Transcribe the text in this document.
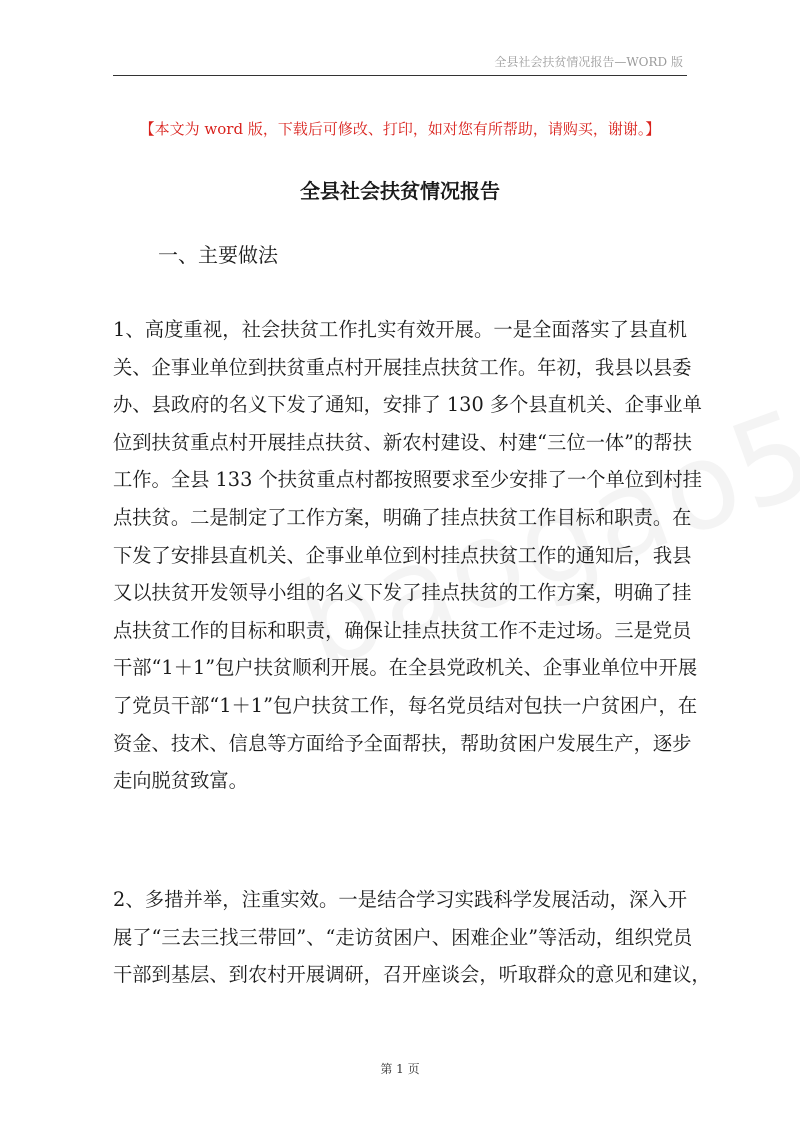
全县社会扶贫情况报告—WORD 版
【本文为 word 版，下载后可修改、打印，如对您有所帮助，请购买，谢谢。】
全县社会扶贫情况报告
一、主要做法
1、高度重视，社会扶贫工作扎实有效开展。一是全面落实了县直机
关、企事业单位到扶贫重点村开展挂点扶贫工作。年初，我县以县委
办、县政府的名义下发了通知，安排了 130 多个县直机关、企事业单
位到扶贫重点村开展挂点扶贫、新农村建设、村建“三位一体”的帮扶
工作。全县 133 个扶贫重点村都按照要求至少安排了一个单位到村挂
点扶贫。二是制定了工作方案，明确了挂点扶贫工作目标和职责。在
下发了安排县直机关、企事业单位到村挂点扶贫工作的通知后，我县
又以扶贫开发领导小组的名义下发了挂点扶贫的工作方案，明确了挂
点扶贫工作的目标和职责，确保让挂点扶贫工作不走过场。三是党员
干部“1＋1”包户扶贫顺利开展。在全县党政机关、企事业单位中开展
了党员干部“1＋1”包户扶贫工作，每名党员结对包扶一户贫困户，在
资金、技术、信息等方面给予全面帮扶，帮助贫困户发展生产，逐步
走向脱贫致富。
2、多措并举，注重实效。一是结合学习实践科学发展活动，深入开
展了“三去三找三带回”、“走访贫困户、困难企业”等活动，组织党员
干部到基层、到农村开展调研，召开座谈会，听取群众的意见和建议，
第 1 页
